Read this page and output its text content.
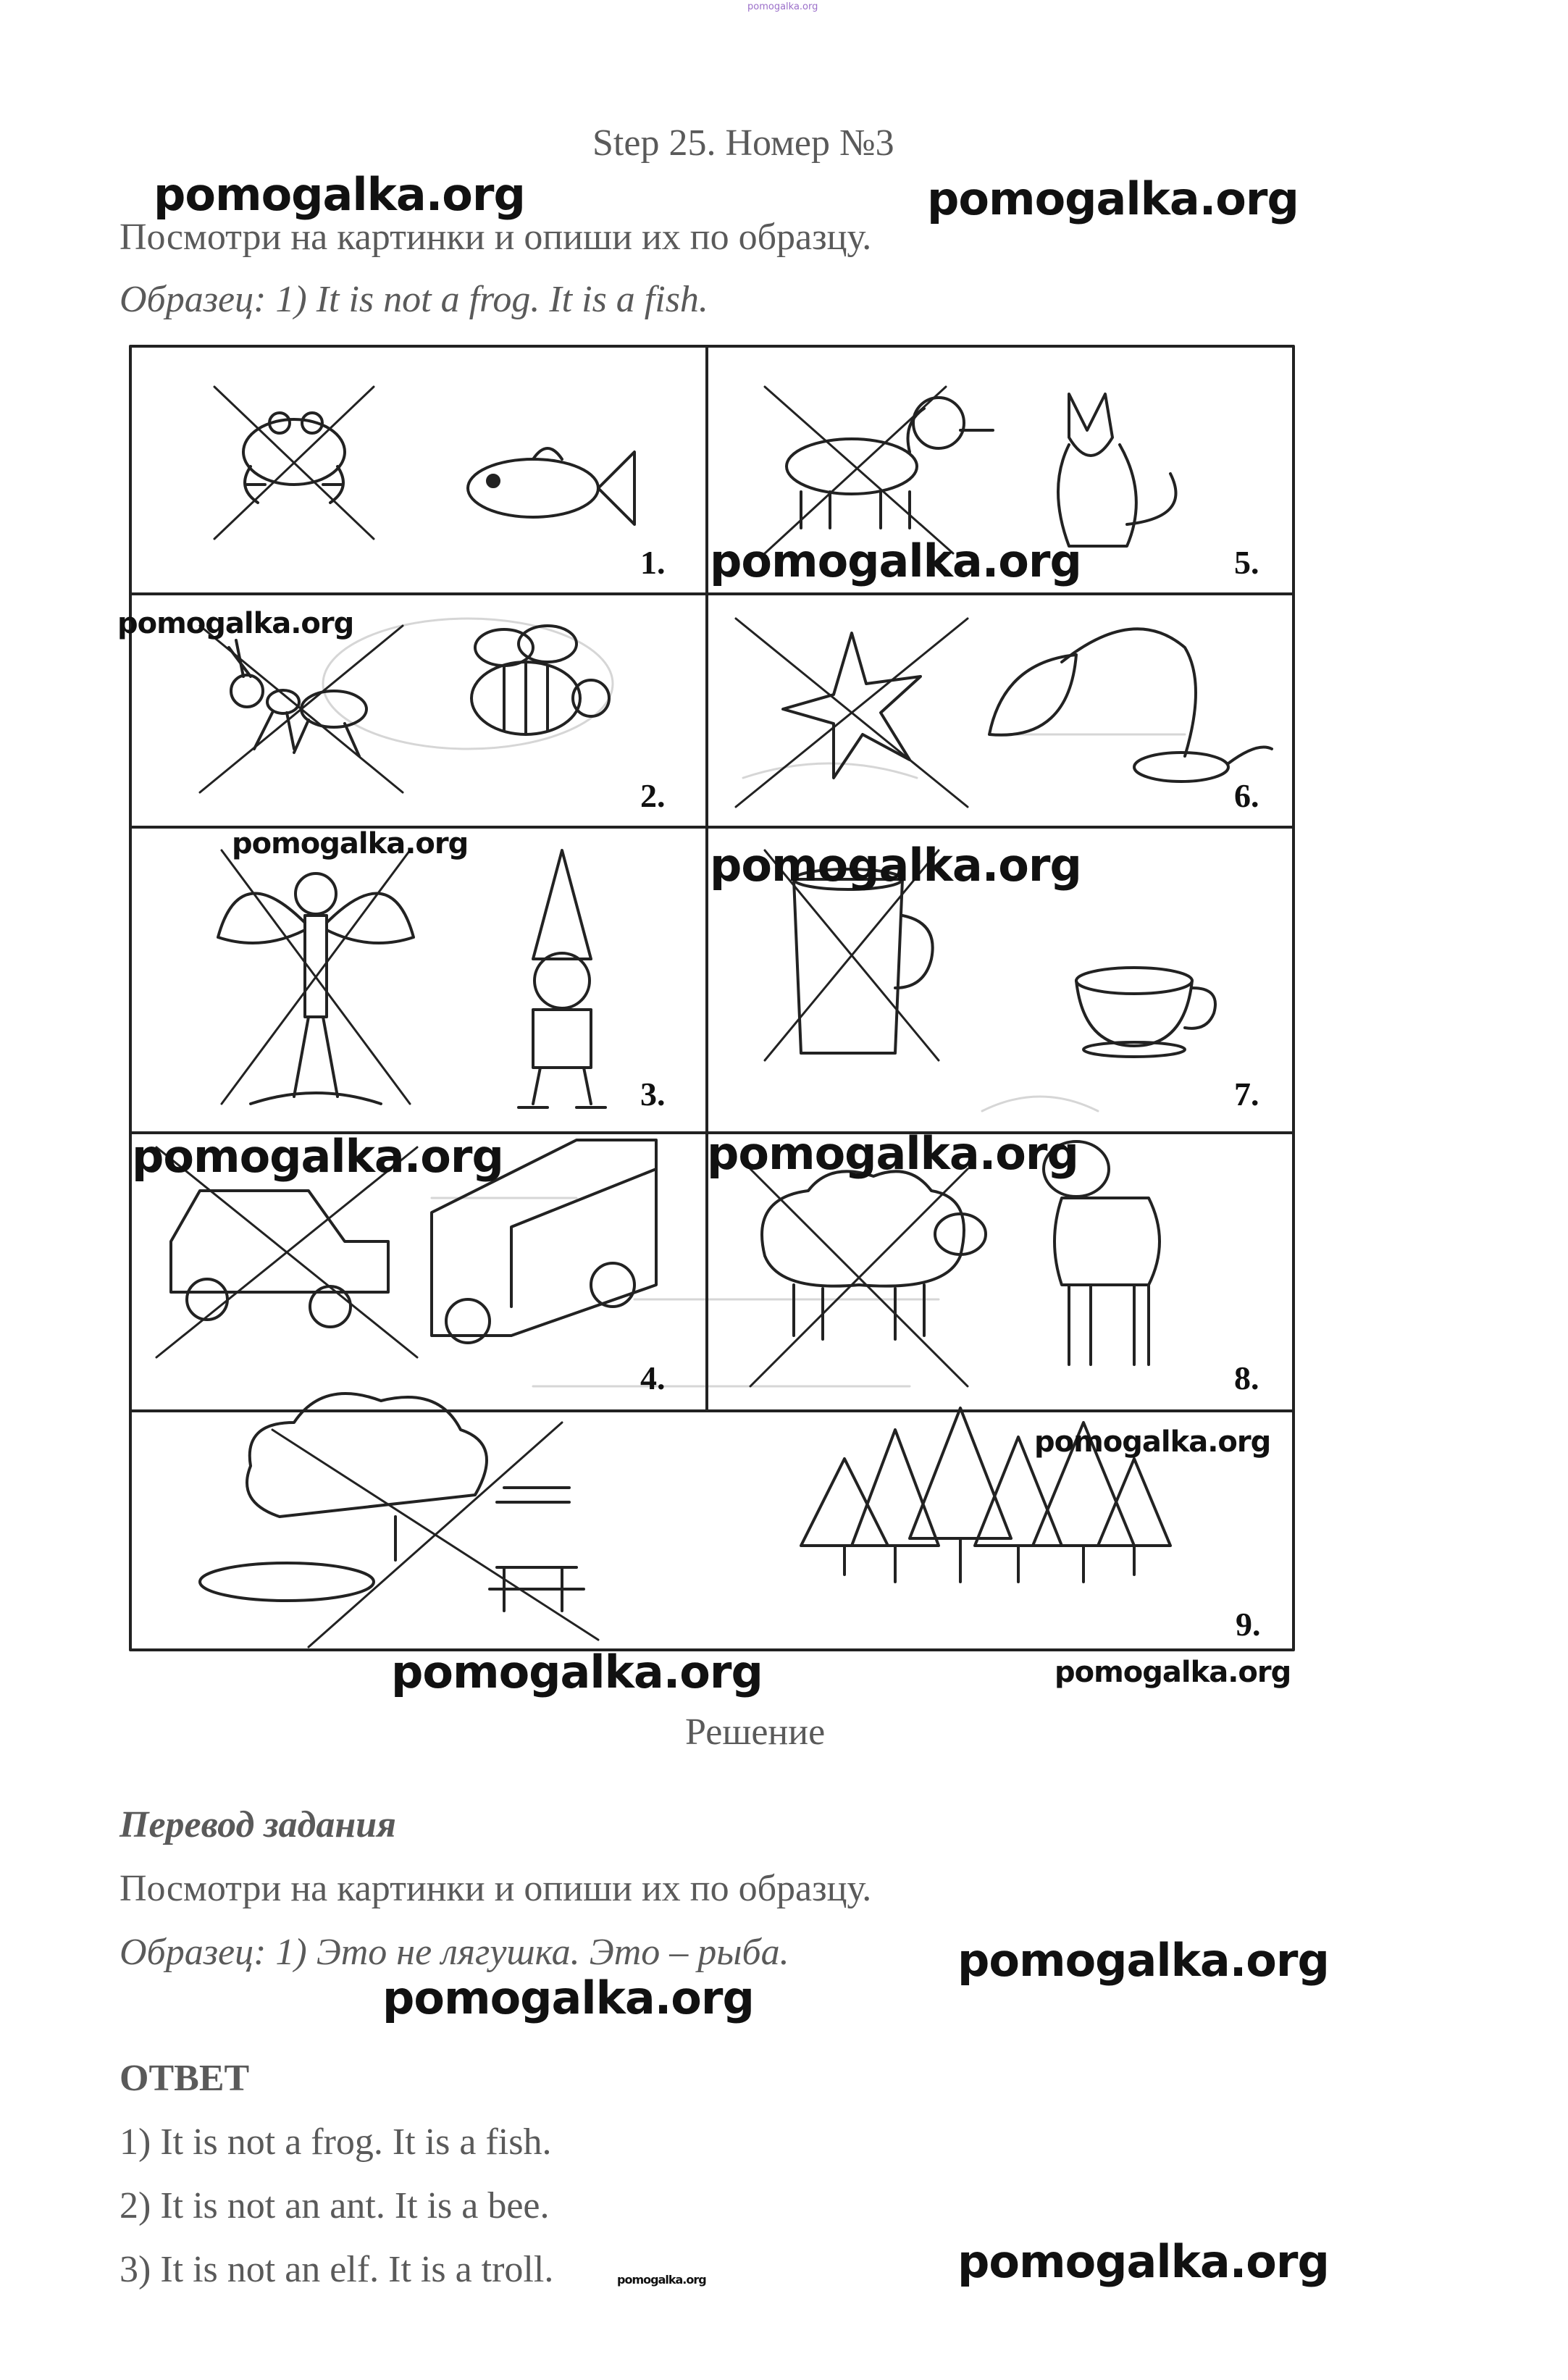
pomogalka.org
Step 25. Номер №3
pomogalka.org	pomogalka.org
Посмотри на картинки и опиши их по образцу.
Образец: 1) It is not a frog. It is a fish.
1.	5.
2.	6.
3.	7.
4.	8.
9.
pomogalka.org
pomogalka.org
pomogalka.org	pomogalka.org
pomogalka.org	pomogalka.org
pomogalka.org
pomogalka.org	pomogalka.org
Решение
Перевод задания
Посмотри на картинки и опиши их по образцу.
Образец: 1) Это не лягушка. Это – рыба.	pomogalka.org
pomogalka.org
ОТВЕТ
1) It is not a frog. It is a fish.
2) It is not an ant. It is a bee.
3) It is not an elf. It is a troll.	pomogalka.org	pomogalka.org
